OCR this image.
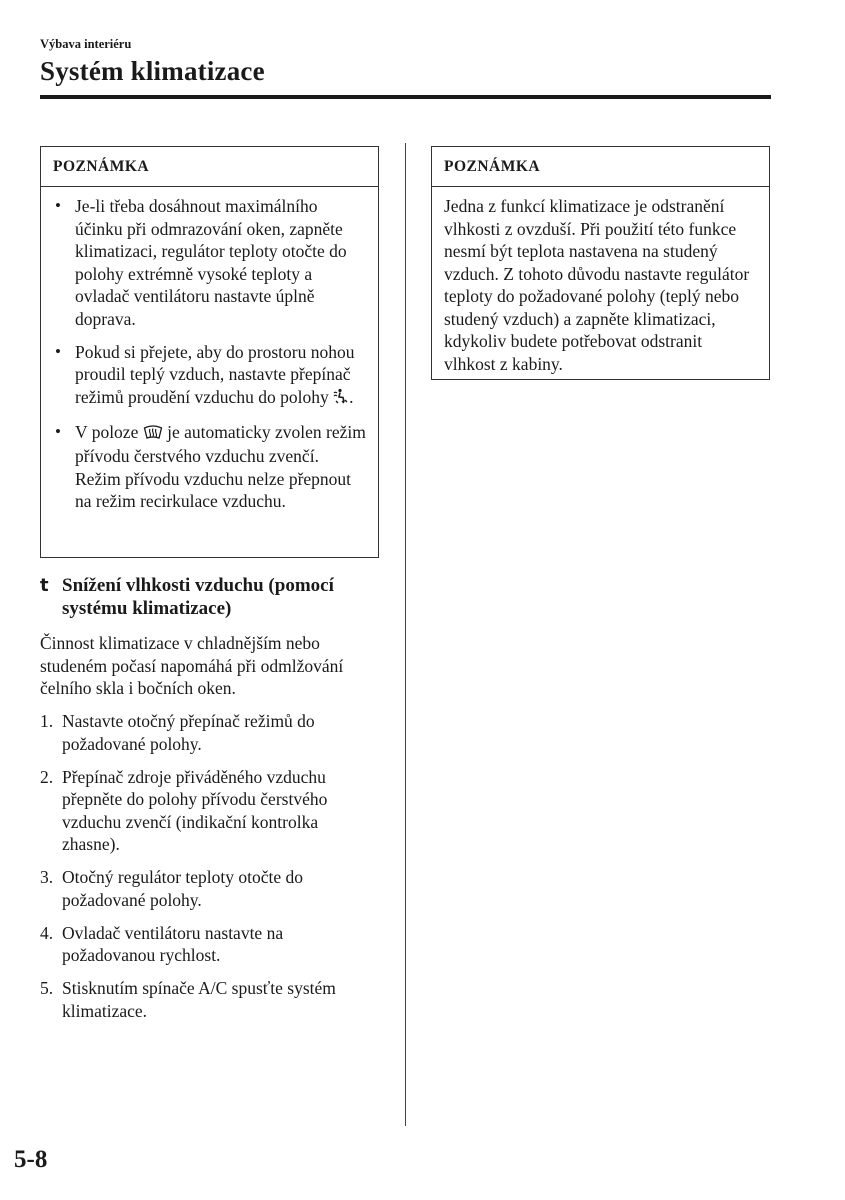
Výbava interiéru
Systém klimatizace
POZNÁMKA
• Je-li třeba dosáhnout maximálního účinku při odmrazování oken, zapněte klimatizaci, regulátor teploty otočte do polohy extrémně vysoké teploty a ovladač ventilátoru nastavte úplně doprava.
• Pokud si přejete, aby do prostoru nohou proudil teplý vzduch, nastavte přepínač režimů proudění vzduchu do polohy .
• V poloze  je automaticky zvolen režim přívodu čerstvého vzduchu zvenčí. Režim přívodu vzduchu nelze přepnout na režim recirkulace vzduchu.
t Snížení vlhkosti vzduchu (pomocí systému klimatizace)
Činnost klimatizace v chladnějším nebo studeném počasí napomáhá při odmlžování čelního skla i bočních oken.
1. Nastavte otočný přepínač režimů do požadované polohy.
2. Přepínač zdroje přiváděného vzduchu přepněte do polohy přívodu čerstvého vzduchu zvenčí (indikační kontrolka zhasne).
3. Otočný regulátor teploty otočte do požadované polohy.
4. Ovladač ventilátoru nastavte na požadovanou rychlost.
5. Stisknutím spínače A/C spusťte systém klimatizace.
POZNÁMKA
Jedna z funkcí klimatizace je odstranění vlhkosti z ovzduší. Při použití této funkce nesmí být teplota nastavena na studený vzduch. Z tohoto důvodu nastavte regulátor teploty do požadované polohy (teplý nebo studený vzduch) a zapněte klimatizaci, kdykoliv budete potřebovat odstranit vlhkost z kabiny.
5-8
